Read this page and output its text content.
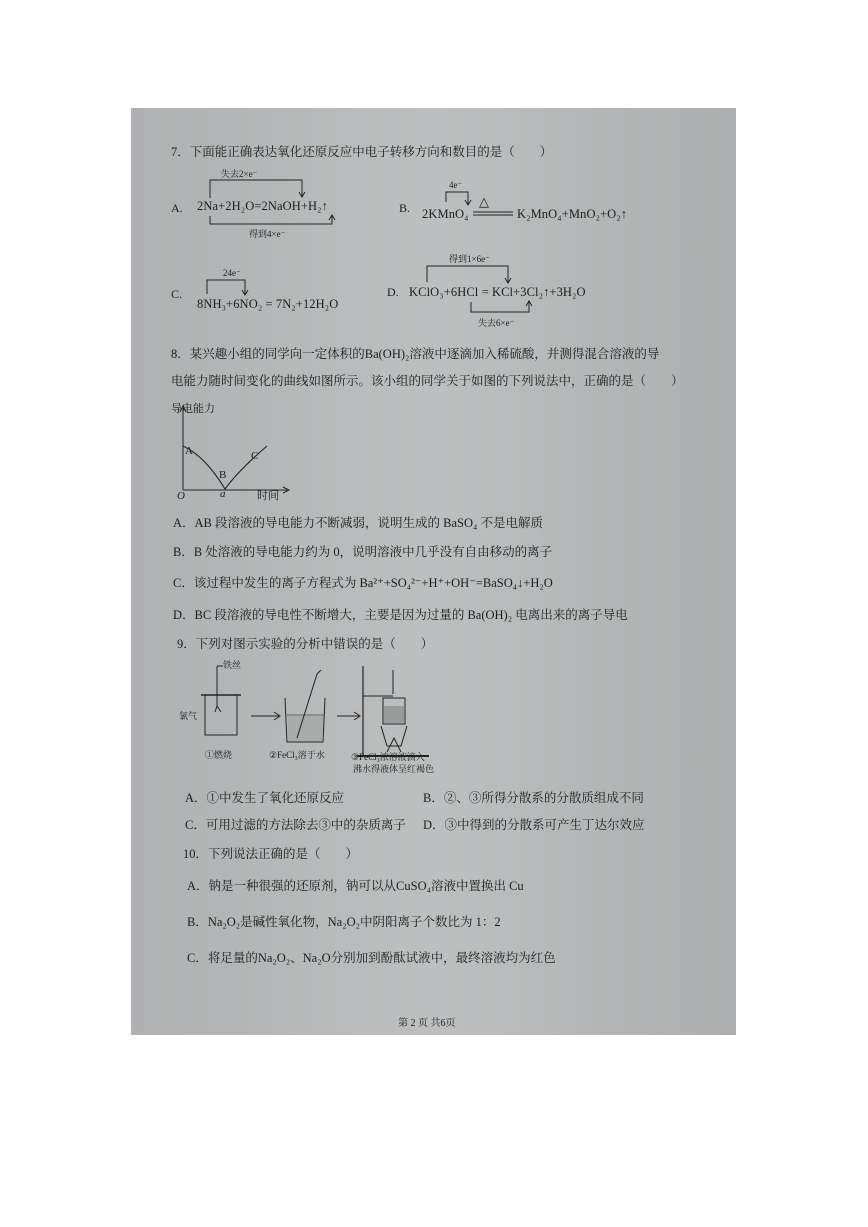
7．下面能正确表达氧化还原反应中电子转移方向和数目的是（　　）
A.
失去2×e⁻
2Na+2H₂O=2NaOH+H₂↑
得到4×e⁻
B.
4e⁻
2KMnO₄
△
K₂MnO₄+MnO₂+O₂↑
C.
24e⁻
8NH₃+6NO₂ = 7N₂+12H₂O
D.
得到1×6e⁻
KClO₃+6HCl = KCl+3Cl₂↑+3H₂O
失去6×e⁻
8．某兴趣小组的同学向一定体积的Ba(OH)₂溶液中逐滴加入稀硫酸，并测得混合溶液的导
电能力随时间变化的曲线如图所示。该小组的同学关于如图的下列说法中，正确的是（　　）
导电能力
时间
O	a
A
B
C
A．AB 段溶液的导电能力不断减弱，说明生成的 BaSO₄ 不是电解质
B．B 处溶液的导电能力约为 0，说明溶液中几乎没有自由移动的离子
C．该过程中发生的离子方程式为 Ba²⁺+SO₄²⁻+H⁺+OH⁻=BaSO₄↓+H₂O
D．BC 段溶液的导电性不断增大，主要是因为过量的 Ba(OH)₂ 电离出来的离子导电
9．下列对图示实验的分析中错误的是（　　）
铁丝
氯气
①燃烧	②FeCl₃溶于水	③FeCl₃浓溶液滴入
沸水得液体呈红褐色
A．①中发生了氧化还原反应	B．②、③所得分散系的分散质组成不同
C．可用过滤的方法除去③中的杂质离子 D．③中得到的分散系可产生丁达尔效应
10．下列说法正确的是（　　）
A．钠是一种很强的还原剂，钠可以从CuSO₄溶液中置换出 Cu
B．Na₂O₂是碱性氧化物，Na₂O₂中阴阳离子个数比为 1：2
C．将足量的Na₂O₂、Na₂O分别加到酚酞试液中，最终溶液均为红色
第 2 页 共6页
